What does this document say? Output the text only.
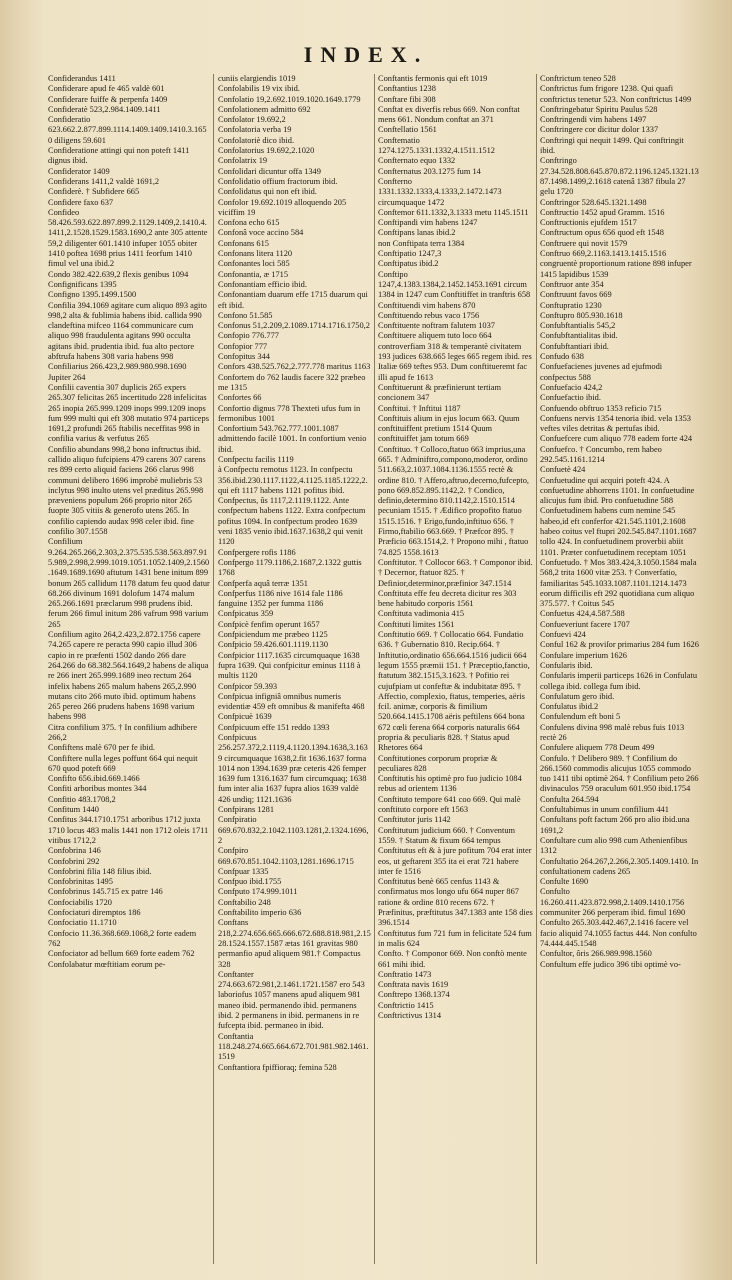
INDEX.
Confiderandus 1411
Confiderare apud fe 465 valdè 601
Confiderare fuiffe & perpenfa 1409
Confideratè 523,2.984.1409.1411
Confideratio 623.662.2.877.899.1114.1409.1409.1410.3.1650 diligens 59.601
Confideratione attingi qui non poteft 1411 dignus ibid.
Confiderator 1409
Confiderans 1411,2 valdè 1691,2
Confiderè. † Subfidere 665
Confidere faxo 637
Confideo 58.426.593.622.897.899.2.1129.1409,2.1410.4.1411,2.1528.1529.1583.1690,2 ante 305 attente 59,2 diligenter 601.1410 infuper 1055 obiter 1410 poftea 1698 prius 1411 feorfum 1410 fimul vel una ibid.2
Condo 382.422.639,2 flexis genibus 1094
Confignificans 1395
Configno 1395.1499.1500
Confilia 394.1069 agitare cum aliquo 893 agito 998,2 alta & fublimia habens ibid. callida 990 clandeftina mifceo 1164 communicare cum aliquo 998 fraudulenta agitans 990 occulta agitans ibid. prudentia ibid. fua alto pectore abftrufa habens 308 varia habens 998
Confiliarius 266.423,2.989.980.998.1690 Jupiter 264
Confilii caventia 307 duplicis 265 expers 265.307 felicitas 265 incertitudo 228 infelicitas 265 inopia 265.999.1209 inops 999.1209 inops fum 999 multi qui eft 308 mutatio 974 particeps 1691,2 profundi 265 ftabilis neceffitas 998 in confilia varius & verfutus 265
Confilio abundans 998,2 bono inftructus ibid. callido aliquo fufcipiens 479 carens 307 carens res 899 certo aliquid faciens 266 clarus 998 communi delibero 1696 improbè muliebris 53 inclytus 998 inulto utens vel præditus 265.998 præveniens populum 266 proprio nitor 265 fuopte 305 vitiis & generofo utens 265. In confilio capiendo audax 998 celer ibid. fine confilio 307.1558
Confilium 9.264.265.266,2.303,2.375.535.538.563.897.915.989,2.998,2.999.1019.1051.1052.1409,2.1560.1649.1689.1690 aftutum 1431 bene initum 899 bonum 265 callidum 1178 datum feu quod datur 68.266 divinum 1691 dolofum 1474 malum 265.266.1691 præclarum 998 prudens ibid. ferum 266 fimul initum 286 vafrum 998 varium 265
Confilium agito 264,2.423,2.872.1756 capere 74.265 capere re peracta 990 capio illud 306 capio in re præfenti 1502 dando 266 dare 264.266 do 68.382.564.1649,2 habens de aliqua re 266 inert 265.999.1689 ineo rectum 264 infelix habens 265 malum habens 265,2.990 mutans cito 266 muto ibid. optimum habens 265 pereo 266 prudens habens 1698 varium habens 998
Citra confilium 375. † In confilium adhibere 266,2
Confiftens malè 670 per fe ibid.
Confiftere nulla leges poffunt 664 qui nequit 670 quod poteft 669
Confifto 656.ibid.669.1466
Confiti arboribus montes 344
Confitio 483.1708,2
Confitum 1440
Confitus 344.1710.1751 arboribus 1712 juxta 1710 locus 483 malis 1441 non 1712 oleis 1711 vitibus 1712,2
Confobrina 146
Confobrini 292
Confobrini filia 148 filius ibid.
Confobrinitas 1495
Confobrinus 145.715 ex patre 146
Confociabilis 1720
Confociaturi diremptos 186
Confociatio 11.1710
Confocio 11.36.368.669.1068,2 forte eadem 762
Confociator ad bellum 669 forte eadem 762
Confolabatur mœftitiam eorum pe-
cuniis elargiendis 1019
Confolabilis 19 vix ibid.
Confolatio 19,2.692.1019.1020.1649.1779
Confolationem admitto 692
Confolator 19.692,2
Confolatoria verba 19
Confolatoriè dico ibid.
Confolatorius 19.692,2.1020
Confolatrix 19
Confolidari dicuntur offa 1349
Confolidatio offium fractorum ibid.
Confolidatus qui non eft ibid.
Confolor 19.692.1019 alloquendo 205 viciffim 19
Confona echo 615
Confonâ voce accino 584
Confonans 615
Confonans litera 1120
Confonantes loci 585
Confonantia, æ 1715
Confonantiam efficio ibid.
Confonantiam duarum effe 1715 duarum qui eft ibid.
Confono 51.585
Confonus 51,2.209,2.1089.1714.1716.1750,2
Confopio 776.777
Confopior 777
Confopitus 344
Confors 438.525.762,2.777.778 maritus 1163
Confortem do 762 laudis facere 322 præbeo me 1315
Confortes 66
Confortio dignus 778 Thexteti ufus fum in fermonibus 1001
Confortium 543.762.777.1001.1087 admittendo facilè 1001. In confortium venio ibid.
Confpectu facilis 1119
à Confpectu remotus 1123. In confpectu 356.ibid.230.1117.1122,4.1125.1185.1222,2.qui eft 1117 habens 1121 pofitus ibid.
Confpectus, ûs 1117,2.1119.1122. Ante confpectum habens 1122. Extra confpectum pofitus 1094. In confpectum prodeo 1639 veni 1835 venio ibid.1637.1638,2 qui venit 1120
Confpergere rofis 1186
Confpergo 1179.1186,2.1687,2.1322 guttis 1768
Confperfa aquâ terræ 1351
Confperfus 1186 nive 1614 fale 1186 fanguine 1352 per fumma 1186
Confpicatus 359
Confpicè fenfim operunt 1657
Confpiciendum me præbeo 1125
Confpicio 59.426.601.1119.1130
Confpicior 1117.1635 circumquaque 1638 fupra 1639. Qui confpicitur eminus 1118 à multis 1120
Confpicor 59.393
Confpicua infigniâ omnibus numeris evidentiæ 459 eft omnibus & manifefta 468
Confpicuè 1639
Confpicuum effe 151 reddo 1393
Confpicuus 256.257.372,2.1119,4.1120.1394.1638,3.1639 circumquaque 1638,2.fit 1636.1637 forma 1014 non 1394.1639 præ ceteris 426 femper 1639 fum 1316.1637 fum circumquaq; 1638 fum inter alia 1637 fupra alios 1639 valdè 426 undiq; 1121.1636
Confpirans 1281
Confpiratio 669.670.832,2.1042.1103.1281,2.1324.1696,2
Confpiro 669.670.851.1042.1103,1281.1696.1715
Confpuar 1335
Confpuo ibid.1755
Confputo 174.999.1011
Conftabilio 248
Conftabilito imperio 636
Conftans 218,2.274.656.665.666.672.688.818.981,2.1528.1524.1557.1587 ætas 161 gravitas 980 permanfio apud aliquem 981.† Compactus 328
Conftanter 274.663.672.981,2.1461.1721.1587 ero 543 laboriofus 1057 manens apud aliquem 981 maneo ibid. permanendo ibid. permanens ibid. 2 permanens in ibid. permanens in re fufcepta ibid. permaneo in ibid.
Conftantia 118.248.274.665.664.672.701.981.982.1461.1519
Conftantiora fpiffioraq; femina 528
Conftantis fermonis qui eft 1019
Conftantius 1238
Conftare fibi 308
Conftat ex diverfis rebus 669. Non conftat mens 661. Nondum conftat an 371
Conftellatio 1561
Conftematio 1274.1275.1331.1332,4.1511.1512
Confternato equo 1332
Confternatus 203.1275 fum 14
Confterno 1331.1332.1333,4.1333,2.1472.1473 circumquaque 1472
Conftemor 611.1332,3.1333 metu 1145.1511
Conftipandi vim habens 1247
Conftipans lanas ibid.2
non Conftipata terra 1384
Conftipatio 1247,3
Conftipatus ibid.2
Conftipo 1247,4.1383.1384,2.1452.1453.1691 circum 1384 in 1247 cum Conftitiffet in tranftris 658
Conftituendi vim habens 870
Conftituendo rebus vaco 1756
Conftituente noftram falutem 1037
Conftituere aliquem tuto loco 664 controverfiam 318 & temperantè civitatem 193 judices 638.665 leges 665 regem ibid. res Italiæ 669 teftes 953. Dum conftitueremt fac illi apud fe 1613
Conftituerunt & præfinierunt tertiam concionem 347
Conftitui. † Inftitui 1187
Conftituis alium in ejus locum 663. Quum conftituiffent pretium 1514 Quum conftituiffet jam totum 669
Conftituo. † Colloco,ftatuo 663 imprius,una 665. † Adminiftro,compono,moderor, ordino 511.663,2.1037.1084.1136.1555 rectè & ordine 810. † Affero,aftruo,decerno,fufcepto, pono 669.852.895.1142,2. † Condico, definio,determino 810.1142,2.1510.1514 pecuniam 1515. † Ædifico propofito ftatuo 1515.1516. † Erigo,fundo,inftituo 656. † Firmo,ftabilio 663.669. † Præfcor 895. † Præficio 663.1514,2. † Propono mihi , ftatuo 74.825 1558.1613
Conftitutor. † Collocor 663. † Componor ibid. † Decernor, ftatuor 825. † Definior,determinor,præfinior 347.1514
Conftituta effe feu decreta dicitur res 303 bene habitudo corporis 1561
Conftituta vadimonia 415
Conftituti limites 1561
Conftitutio 669. † Collocatio 664. Fundatio 636. † Gubernatio 810. Recip.664. † Inftitutio,ordinatio 656.664.1516 judicii 664 legum 1555 præmii 151. † Præceptio,fanctio, ftatutum 382.1515,3.1623. † Pofitio rei cujufpiam ut confeftæ & indubitatæ 895. † Affectio, complexio, ftatus, temperies, aëris fcil. animæ, corporis & fimilium 520.664.1415.1708 aëris peftilens 664 bona 672 cœli ferena 664 corporis naturalis 664 propria & peculiaris 828. † Status apud Rhetores 664
Conftitutiones corporum propriæ & peculiares 828
Conftitutis his optimè pro fuo judicio 1084 rebus ad orientem 1136
Conftituto tempore 641 coo 669. Qui malè conftituto corpore eft 1563
Conftitutor juris 1142
Conftitutum judicium 660. † Conventum 1559. † Statum & fixum 664 tempus
Conftitutus eft & à jure pofitum 704 erat inter eos, ut geftarent 355 ita ei erat 721 habere inter fe 1516
Conftitutus benè 665 cenfus 1143 & confirmatus mos longo ufu 664 nuper 867 ratione & ordine 810 recens 672. † Præfinitus, præftitutus 347.1383 ante 158 dies 396.1514
Conftitutus fum 721 fum in felicitate 524 fum in malis 624
Confto. † Componor 669. Non conftò mente 661 mihi ibid.
Conftratio 1473
Conftrata navis 1619
Conftrepo 1368.1374
Conftrictio 1415
Conftrictivus 1314
Conftrictum teneo 528
Conftrictus fum frigore 1238. Qui quafi conftrictus tenetur 523. Non conftrictus 1499
Conftringebatur Spiritu Paulus 528
Conftringendi vim habens 1497
Conftringere cor dicitur dolor 1337
Conftringi qui nequit 1499. Qui conftringit ibid.
Conftringo 27.34.528.808.645.870.872.1196.1245.1321.1387.1498.1499,2.1618 catenâ 1387 fibula 27 gelu 1720
Conftringor 528.645.1321.1498
Conftructio 1452 apud Gramm. 1516
Conftructionis ejufdem 1517
Conftructum opus 656 quod eft 1548
Conftruere qui novit 1579
Conftruo 669,2.1163.1413.1415.1516 congruentè proportionum ratione 898 infuper 1415 lapidibus 1539
Conftruor ante 354
Conftruunt favos 669
Conftupratio 1230
Conftupro 805.930.1618
Confubftantialis 545,2
Confubftantialitas ibid.
Confubftantiari ibid.
Confudo 638
Confuefacienes juvenes ad ejufmodi confpectus 588
Confuefacio 424,2
Confuefactio ibid.
Confuendo obftruo 1353 reficio 715
Confuens nervis 1354 tenoria ibid. vela 1353 veftes viles detritas & pertufas ibid.
Confuefcere cum aliquo 778 eadem forte 424
Confuefco. † Concumbo, rem habeo 292.545.1161.1214
Confuetè 424
Confuetudine qui acquiri poteft 424. A confuetudine abhorrens 1101. In confuetudine alicujus fum ibid. Pro confuetudine 588
Confuetudinem habens cum nemine 545 habeo,id eft conferfor 421.545.1101,2.1608 habeo coitus vel ftupri 202.545.847.1101.1687 tollo 424. In confuetudinem proverbii abiit 1101. Præter confuetudinem receptam 1051
Confuetudo. † Mos 383.424,3.1050.1584 mala 568,2 trita 1600 vitæ 253. † Converfatio, familiaritas 545.1033.1087.1101.1214.1473 eorum difficilis eft 292 quotidiana cum aliquo 375.577. † Coitus 545
Confuetus 424,4.587.588
Confueveriunt facere 1707
Confuevi 424
Conful 162 & proviſor primarius 284 fum 1626
Confulare imperium 1626
Confularis ibid.
Confularis imperii particeps 1626 in Confulatu collega ibid. collega fum ibid.
Confulatum gero ibid.
Confulatus ibid.2
Confulendum eft boni 5
Confulens divina 998 malè rebus fuis 1013 rectè 26
Confulere aliquem 778 Deum 499
Confulo. † Delibero 989. † Confilium do 266.1560 commodis alicujus 1055 commodo tuo 1411 tibi optimè 264. † Confilium peto 266 divinaculos 759 oraculum 601.950 ibid.1754
Confulta 264.594
Confultabimus in unum confilium 441
Confultans poft factum 266 pro alio ibid.una 1691,2
Confultare cum alio 998 cum Athenienfibus 1312
Confultatio 264.267,2.266,2.305.1409.1410. In confultationem cadens 265
Confulte 1690
Confulto 16.260.411.423.872.998,2.1409.1410.1756 communiter 266 perperam ibid. fimul 1690
Confulto 265.303.442.467,2.1416 facere vel facio aliquid 74.1055 factus 444. Non confulto 74.444.445.1548
Confultor, ôris 266.989.998.1560
Confultum effe judico 396 tibi optimè vo-
